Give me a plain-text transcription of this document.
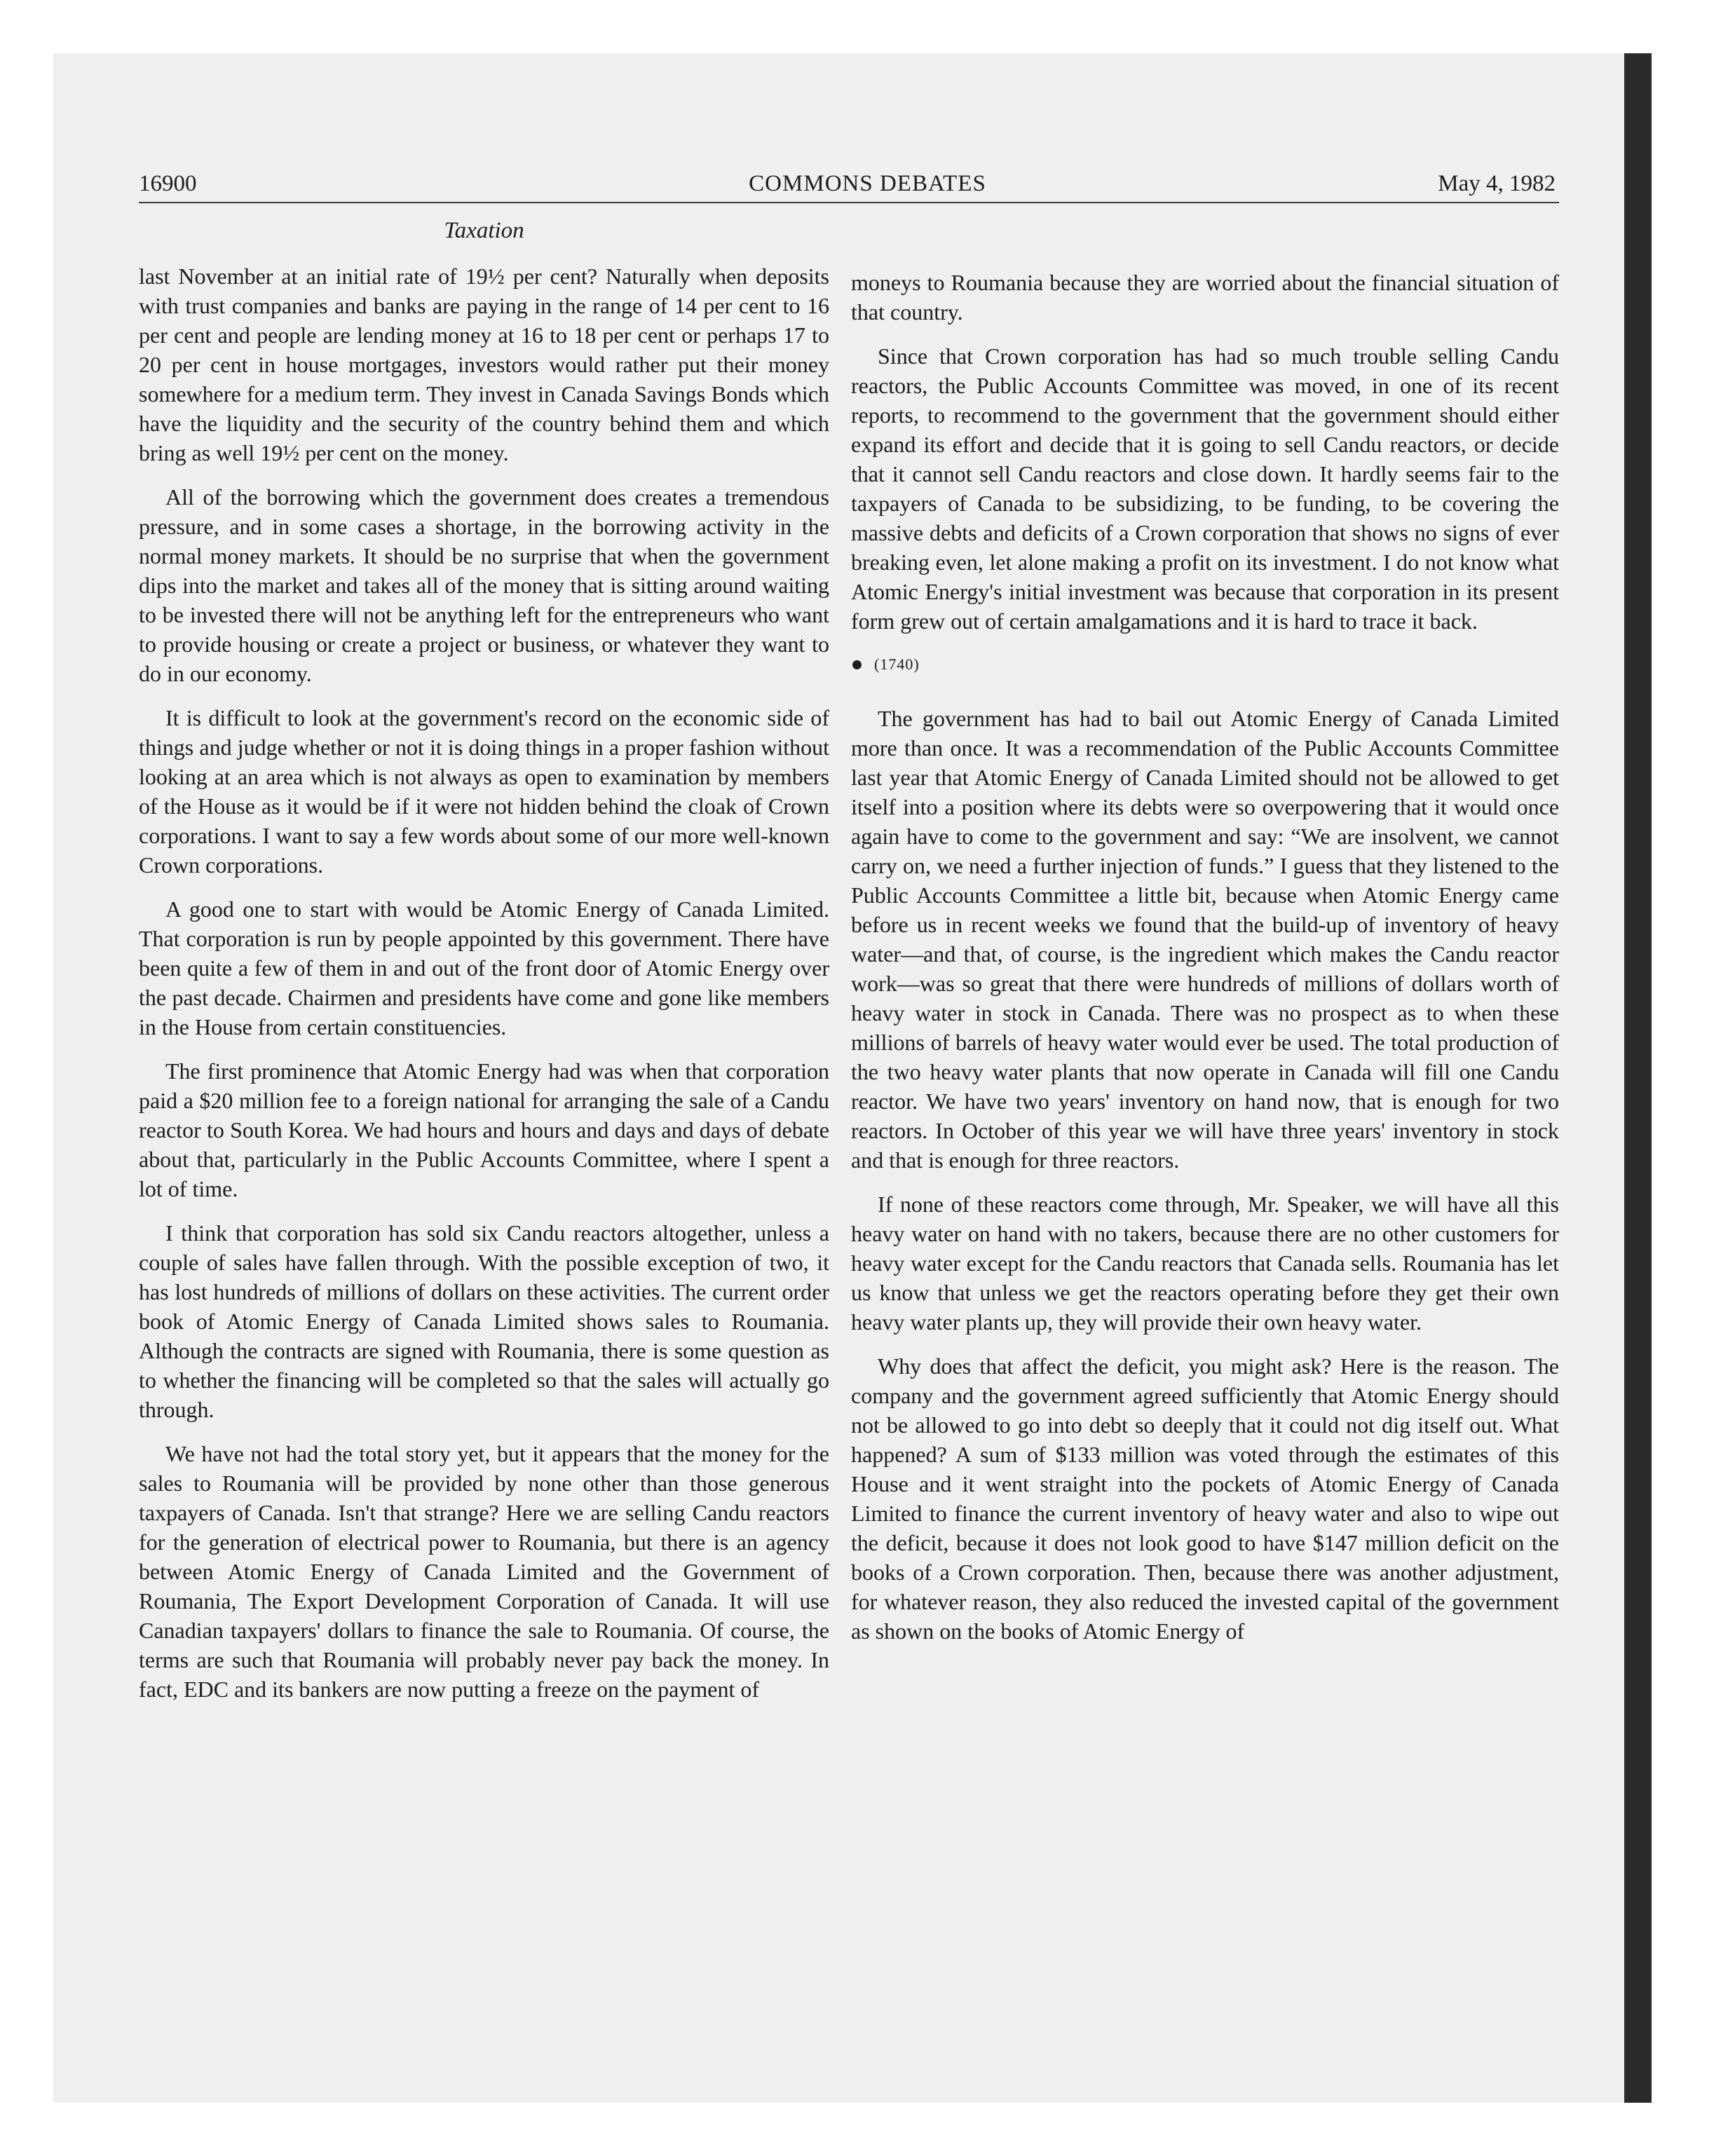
16900	COMMONS DEBATES	May 4, 1982
Taxation

last November at an initial rate of 19½ per cent? Naturally when deposits with trust companies and banks are paying in the range of 14 per cent to 16 per cent and people are lending money at 16 to 18 per cent or perhaps 17 to 20 per cent in house mortgages, investors would rather put their money somewhere for a medium term. They invest in Canada Savings Bonds which have the liquidity and the security of the country behind them and which bring as well 19½ per cent on the money.

All of the borrowing which the government does creates a tremendous pressure, and in some cases a shortage, in the borrowing activity in the normal money markets. It should be no surprise that when the government dips into the market and takes all of the money that is sitting around waiting to be invested there will not be anything left for the entrepreneurs who want to provide housing or create a project or business, or whatever they want to do in our economy.

It is difficult to look at the government's record on the economic side of things and judge whether or not it is doing things in a proper fashion without looking at an area which is not always as open to examination by members of the House as it would be if it were not hidden behind the cloak of Crown corporations. I want to say a few words about some of our more well-known Crown corporations.

A good one to start with would be Atomic Energy of Canada Limited. That corporation is run by people appointed by this government. There have been quite a few of them in and out of the front door of Atomic Energy over the past decade. Chairmen and presidents have come and gone like members in the House from certain constituencies.

The first prominence that Atomic Energy had was when that corporation paid a $20 million fee to a foreign national for arranging the sale of a Candu reactor to South Korea. We had hours and hours and days and days of debate about that, particularly in the Public Accounts Committee, where I spent a lot of time.

I think that corporation has sold six Candu reactors altogether, unless a couple of sales have fallen through. With the possible exception of two, it has lost hundreds of millions of dollars on these activities. The current order book of Atomic Energy of Canada Limited shows sales to Roumania. Although the contracts are signed with Roumania, there is some question as to whether the financing will be completed so that the sales will actually go through.

We have not had the total story yet, but it appears that the money for the sales to Roumania will be provided by none other than those generous taxpayers of Canada. Isn't that strange? Here we are selling Candu reactors for the generation of electrical power to Roumania, but there is an agency between Atomic Energy of Canada Limited and the Government of Roumania, The Export Development Corporation of Canada. It will use Canadian taxpayers' dollars to finance the sale to Roumania. Of course, the terms are such that Roumania will probably never pay back the money. In fact, EDC and its bankers are now putting a freeze on the payment of

moneys to Roumania because they are worried about the financial situation of that country.

Since that Crown corporation has had so much trouble selling Candu reactors, the Public Accounts Committee was moved, in one of its recent reports, to recommend to the government that the government should either expand its effort and decide that it is going to sell Candu reactors, or decide that it cannot sell Candu reactors and close down. It hardly seems fair to the taxpayers of Canada to be subsidizing, to be funding, to be covering the massive debts and deficits of a Crown corporation that shows no signs of ever breaking even, let alone making a profit on its investment. I do not know what Atomic Energy's initial investment was because that corporation in its present form grew out of certain amalgamations and it is hard to trace it back.

(1740)

The government has had to bail out Atomic Energy of Canada Limited more than once. It was a recommendation of the Public Accounts Committee last year that Atomic Energy of Canada Limited should not be allowed to get itself into a position where its debts were so overpowering that it would once again have to come to the government and say: “We are insolvent, we cannot carry on, we need a further injection of funds.” I guess that they listened to the Public Accounts Committee a little bit, because when Atomic Energy came before us in recent weeks we found that the build-up of inventory of heavy water—and that, of course, is the ingredient which makes the Candu reactor work—was so great that there were hundreds of millions of dollars worth of heavy water in stock in Canada. There was no prospect as to when these millions of barrels of heavy water would ever be used. The total production of the two heavy water plants that now operate in Canada will fill one Candu reactor. We have two years' inventory on hand now, that is enough for two reactors. In October of this year we will have three years' inventory in stock and that is enough for three reactors.

If none of these reactors come through, Mr. Speaker, we will have all this heavy water on hand with no takers, because there are no other customers for heavy water except for the Candu reactors that Canada sells. Roumania has let us know that unless we get the reactors operating before they get their own heavy water plants up, they will provide their own heavy water.

Why does that affect the deficit, you might ask? Here is the reason. The company and the government agreed sufficiently that Atomic Energy should not be allowed to go into debt so deeply that it could not dig itself out. What happened? A sum of $133 million was voted through the estimates of this House and it went straight into the pockets of Atomic Energy of Canada Limited to finance the current inventory of heavy water and also to wipe out the deficit, because it does not look good to have $147 million deficit on the books of a Crown corporation. Then, because there was another adjustment, for whatever reason, they also reduced the invested capital of the government as shown on the books of Atomic Energy of
